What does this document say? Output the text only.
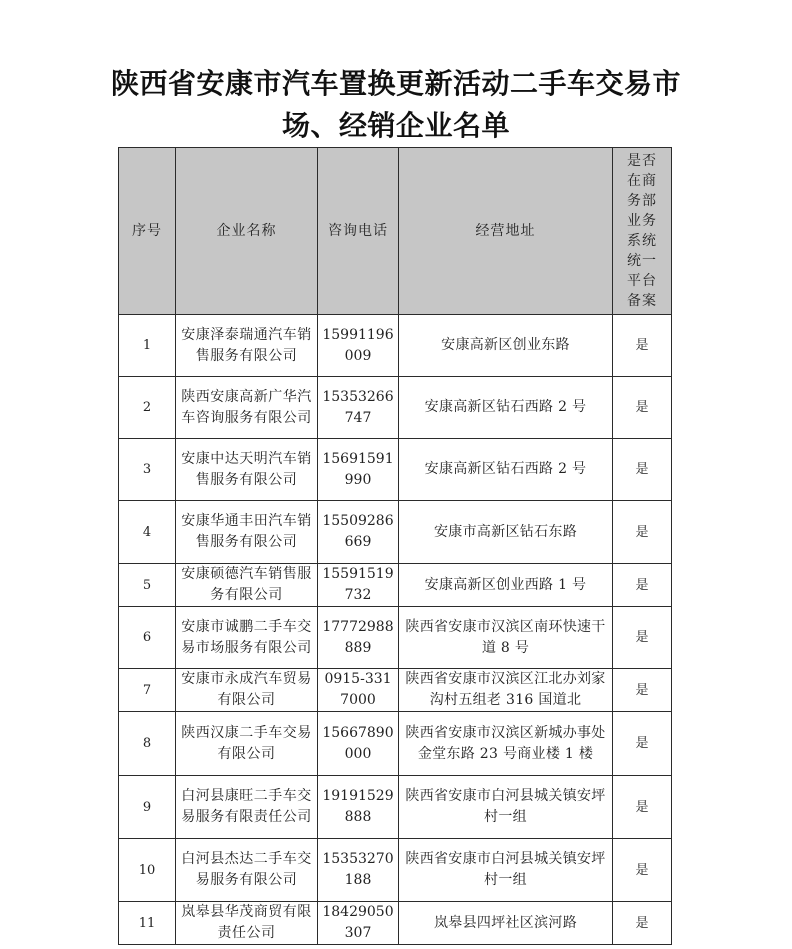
陕西省安康市汽车置换更新活动二手车交易市
场、经销企业名单
序号	企业名称	咨询电话	经营地址	是否在商务部业务系统统一平台备案

1	安康泽泰瑞通汽车销售服务有限公司	15991196009	安康高新区创业东路	是
2	陕西安康高新广华汽车咨询服务有限公司	15353266747	安康高新区钻石西路 2 号	是
3	安康中达天明汽车销售服务有限公司	15691591990	安康高新区钻石西路 2 号	是
4	安康华通丰田汽车销售服务有限公司	15509286669	安康市高新区钻石东路	是
5	安康硕德汽车销售服务有限公司	15591519732	安康高新区创业西路 1 号	是
6	安康市诚鹏二手车交易市场服务有限公司	17772988889	陕西省安康市汉滨区南环快速干道 8 号	是
7	安康市永成汽车贸易有限公司	0915-3317000	陕西省安康市汉滨区江北办刘家沟村五组老 316 国道北	是
8	陕西汉康二手车交易有限公司	15667890000	陕西省安康市汉滨区新城办事处金堂东路 23 号商业楼 1 楼	是
9	白河县康旺二手车交易服务有限责任公司	19191529888	陕西省安康市白河县城关镇安坪村一组	是
10	白河县杰达二手车交易服务有限公司	15353270188	陕西省安康市白河县城关镇安坪村一组	是
11	岚皋县华茂商贸有限责任公司	18429050307	岚皋县四坪社区滨河路	是
